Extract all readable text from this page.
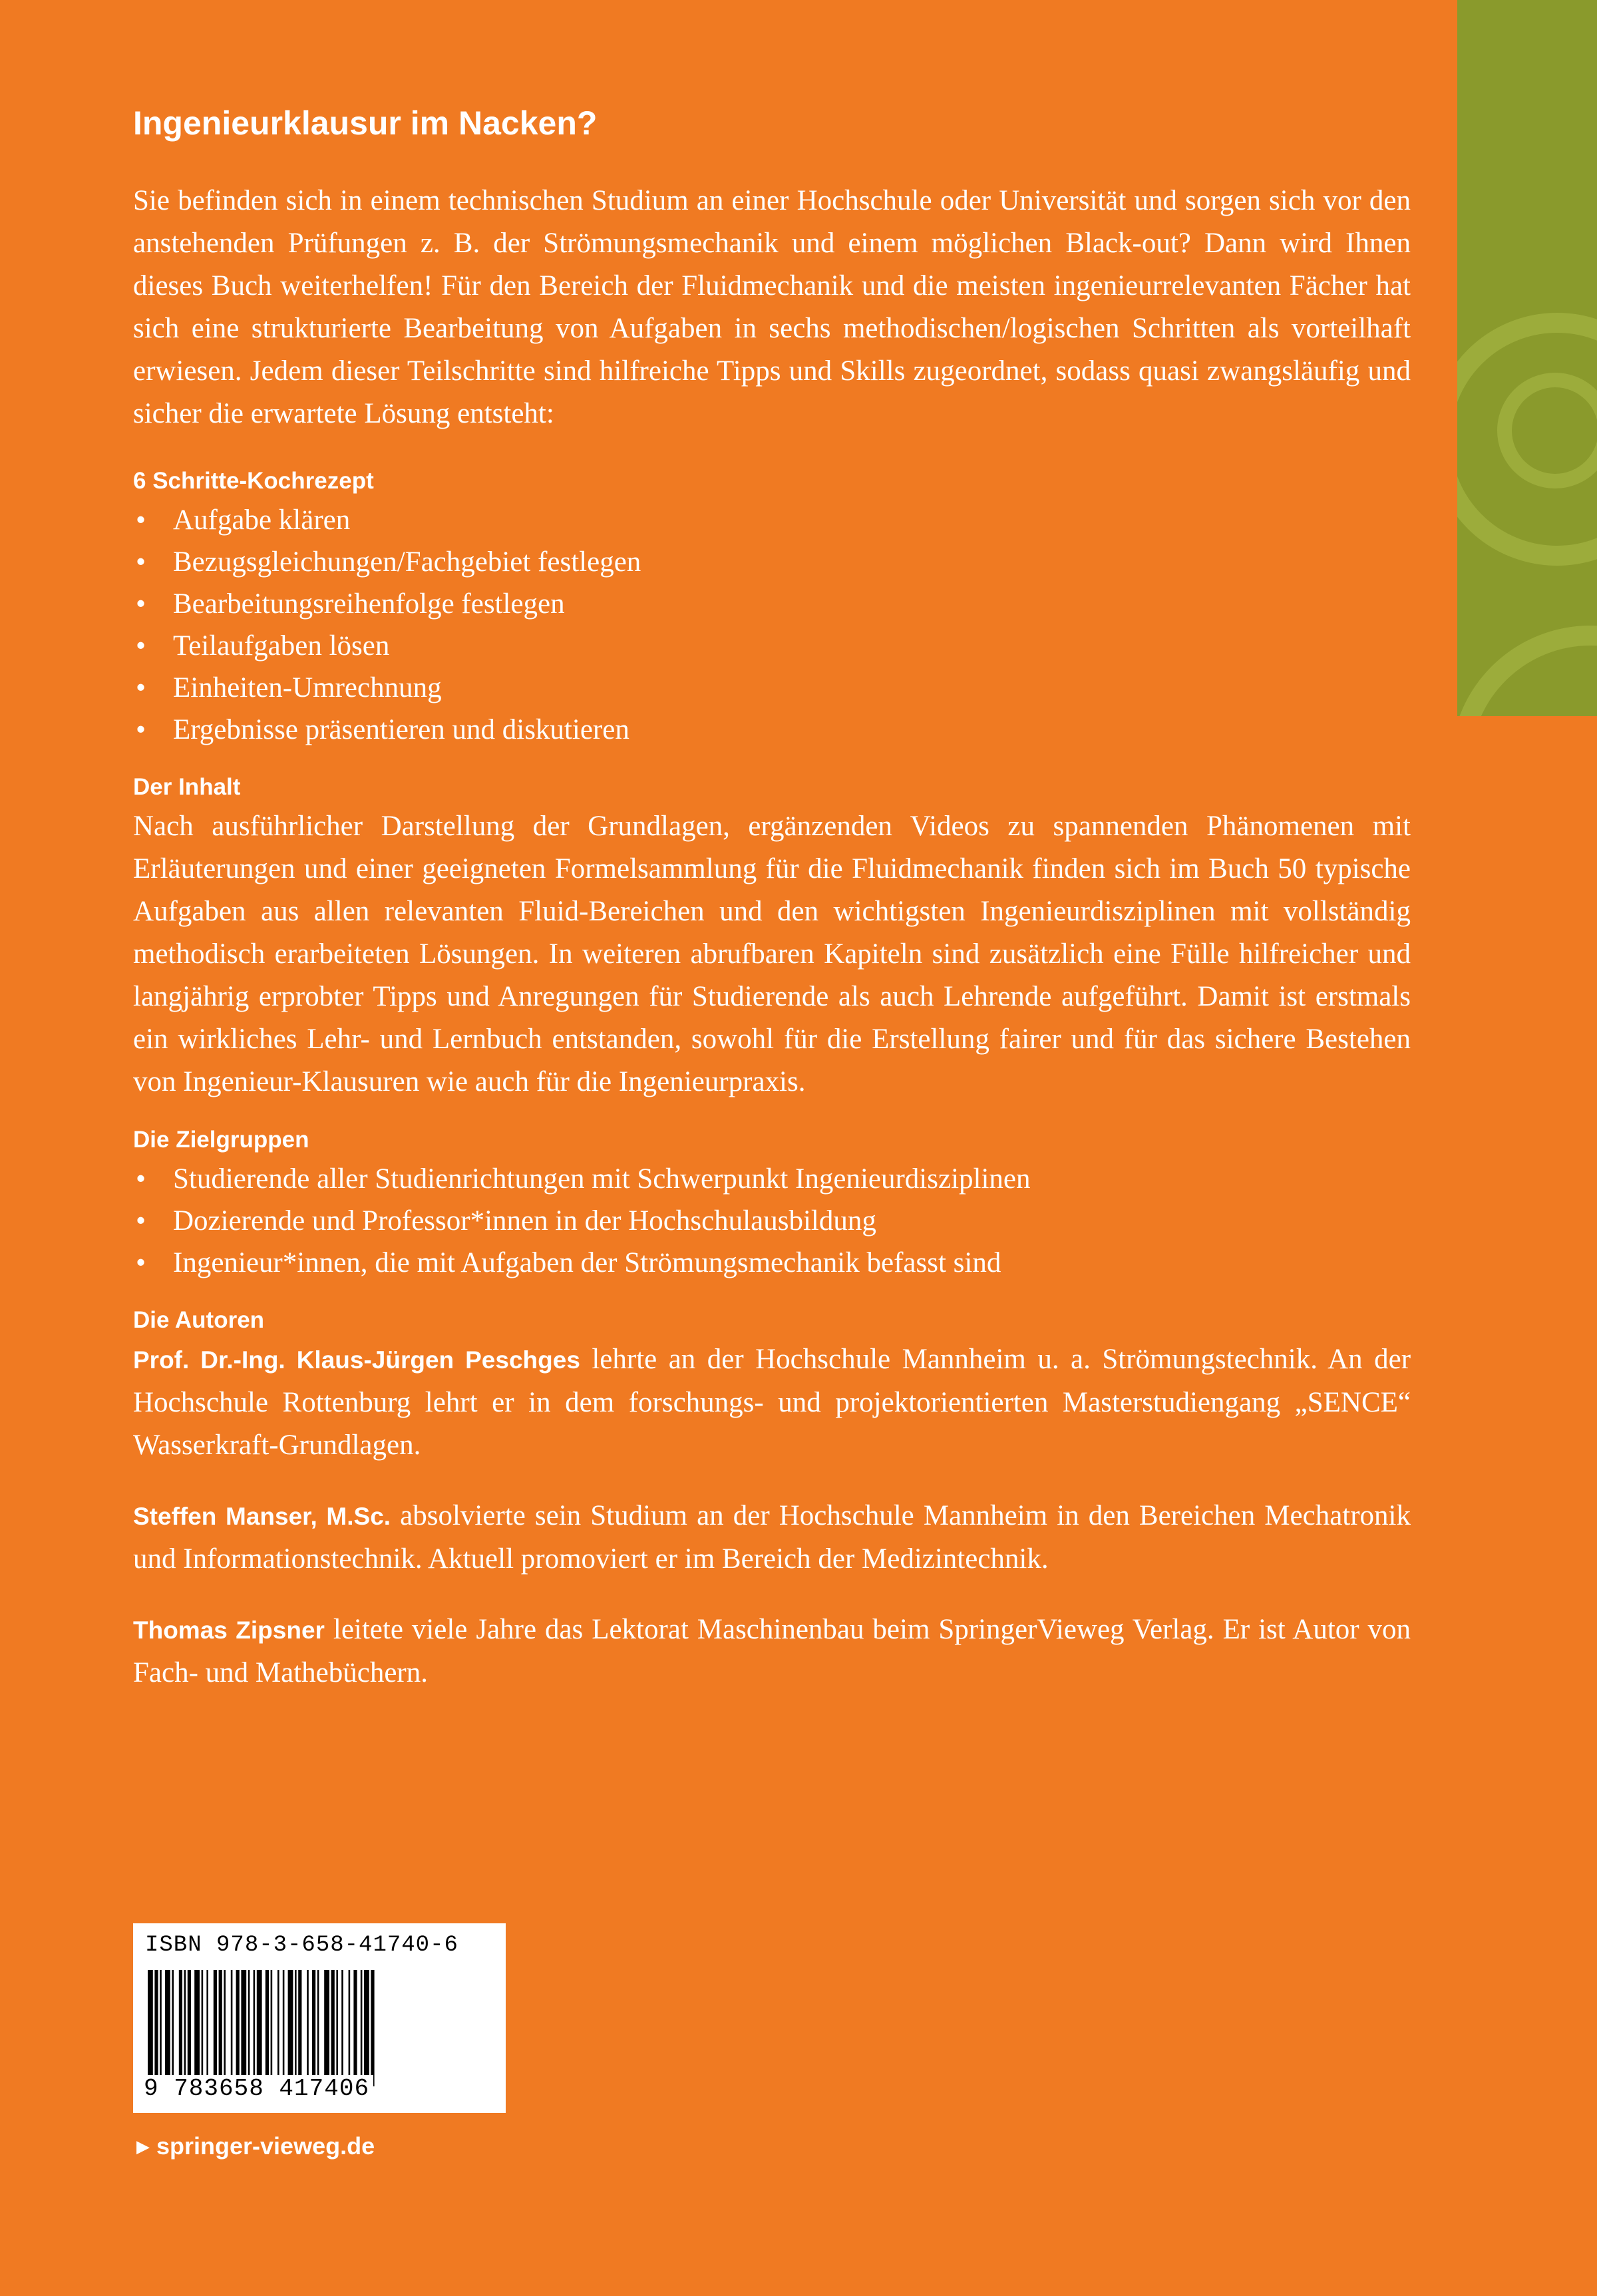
Ingenieurklausur im Nacken?

Sie befinden sich in einem technischen Studium an einer Hochschule oder Universität und sorgen sich vor den anstehenden Prüfungen z. B. der Strömungsmechanik und einem möglichen Black-out? Dann wird Ihnen dieses Buch weiterhelfen! Für den Bereich der Fluidmechanik und die meisten ingenieurrelevanten Fächer hat sich eine strukturierte Bearbeitung von Aufgaben in sechs methodischen/logischen Schritten als vorteilhaft erwiesen. Jedem dieser Teilschritte sind hilfreiche Tipps und Skills zugeordnet, sodass quasi zwangsläufig und sicher die erwartete Lösung entsteht:

6 Schritte-Kochrezept
• Aufgabe klären
• Bezugsgleichungen/Fachgebiet festlegen
• Bearbeitungsreihenfolge festlegen
• Teilaufgaben lösen
• Einheiten-Umrechnung
• Ergebnisse präsentieren und diskutieren
Der Inhalt

Nach ausführlicher Darstellung der Grundlagen, ergänzenden Videos zu spannenden Phänomenen mit Erläuterungen und einer geeigneten Formelsammlung für die Fluidmechanik finden sich im Buch 50 typische Aufgaben aus allen relevanten Fluid-Bereichen und den wichtigsten Ingenieurdisziplinen mit vollständig methodisch erarbeiteten Lösungen. In weiteren abrufbaren Kapiteln sind zusätzlich eine Fülle hilfreicher und langjährig erprobter Tipps und Anregungen für Studierende als auch Lehrende aufgeführt. Damit ist erstmals ein wirkliches Lehr- und Lernbuch entstanden, sowohl für die Erstellung fairer und für das sichere Bestehen von Ingenieur-Klausuren wie auch für die Ingenieurpraxis.

Die Zielgruppen
• Studierende aller Studienrichtungen mit Schwerpunkt Ingenieurdisziplinen
• Dozierende und Professor*innen in der Hochschulausbildung
• Ingenieur*innen, die mit Aufgaben der Strömungsmechanik befasst sind
Die Autoren

Prof. Dr.-Ing. Klaus-Jürgen Peschges lehrte an der Hochschule Mannheim u. a. Strömungstechnik. An der Hochschule Rottenburg lehrt er in dem forschungs- und projektorientierten Masterstudiengang „SENCE“ Wasserkraft-Grundlagen.

Steffen Manser, M.Sc. absolvierte sein Studium an der Hochschule Mannheim in den Bereichen Mechatronik und Informationstechnik. Aktuell promoviert er im Bereich der Medizintechnik.

Thomas Zipsner leitete viele Jahre das Lektorat Maschinenbau beim SpringerVieweg Verlag. Er ist Autor von Fach- und Mathebüchern.

ISBN 978-3-658-41740-6
9 783658 417406
▶ springer-vieweg.de
